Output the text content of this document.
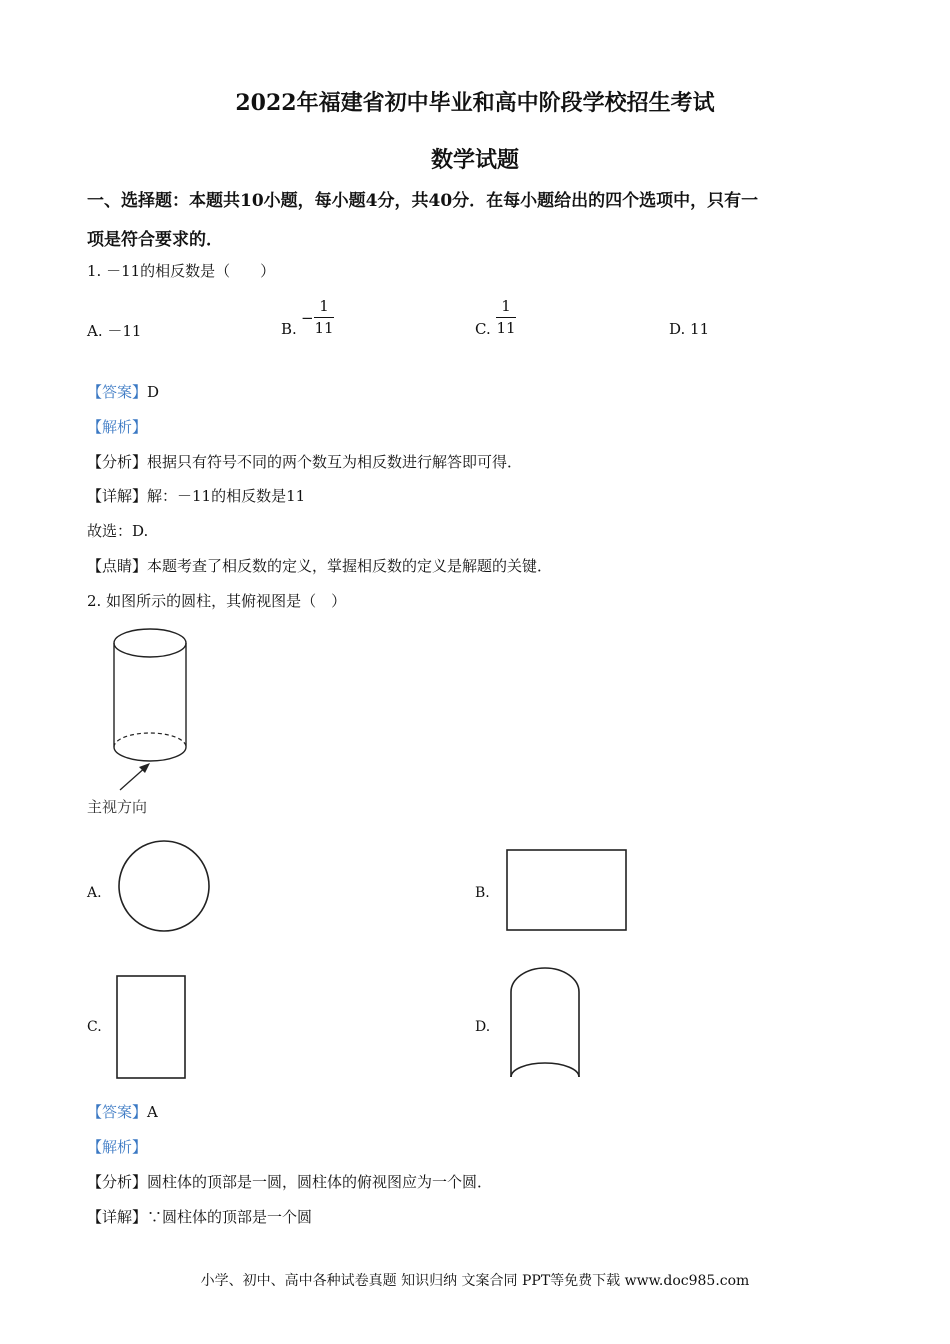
2022年福建省初中毕业和高中阶段学校招生考试
数学试题
一、选择题：本题共10小题，每小题4分，共40分．在每小题给出的四个选项中，只有一
项是符合要求的．
1. －11的相反数是（　　）
A. －11	B.
−
1
11	C.
1
11	D. 11
【答案】D
【解析】
【分析】根据只有符号不同的两个数互为相反数进行解答即可得．
【详解】解：－11的相反数是11
故选：D.
【点睛】本题考查了相反数的定义，掌握相反数的定义是解题的关键．
2. 如图所示的圆柱，其俯视图是（　）
主视方向
A.	B.
C.	D.
【答案】A
【解析】
【分析】圆柱体的顶部是一圆，圆柱体的俯视图应为一个圆．
【详解】∵圆柱体的顶部是一个圆
小学、初中、高中各种试卷真题 知识归纳 文案合同 PPT等免费下载 www.doc985.com
